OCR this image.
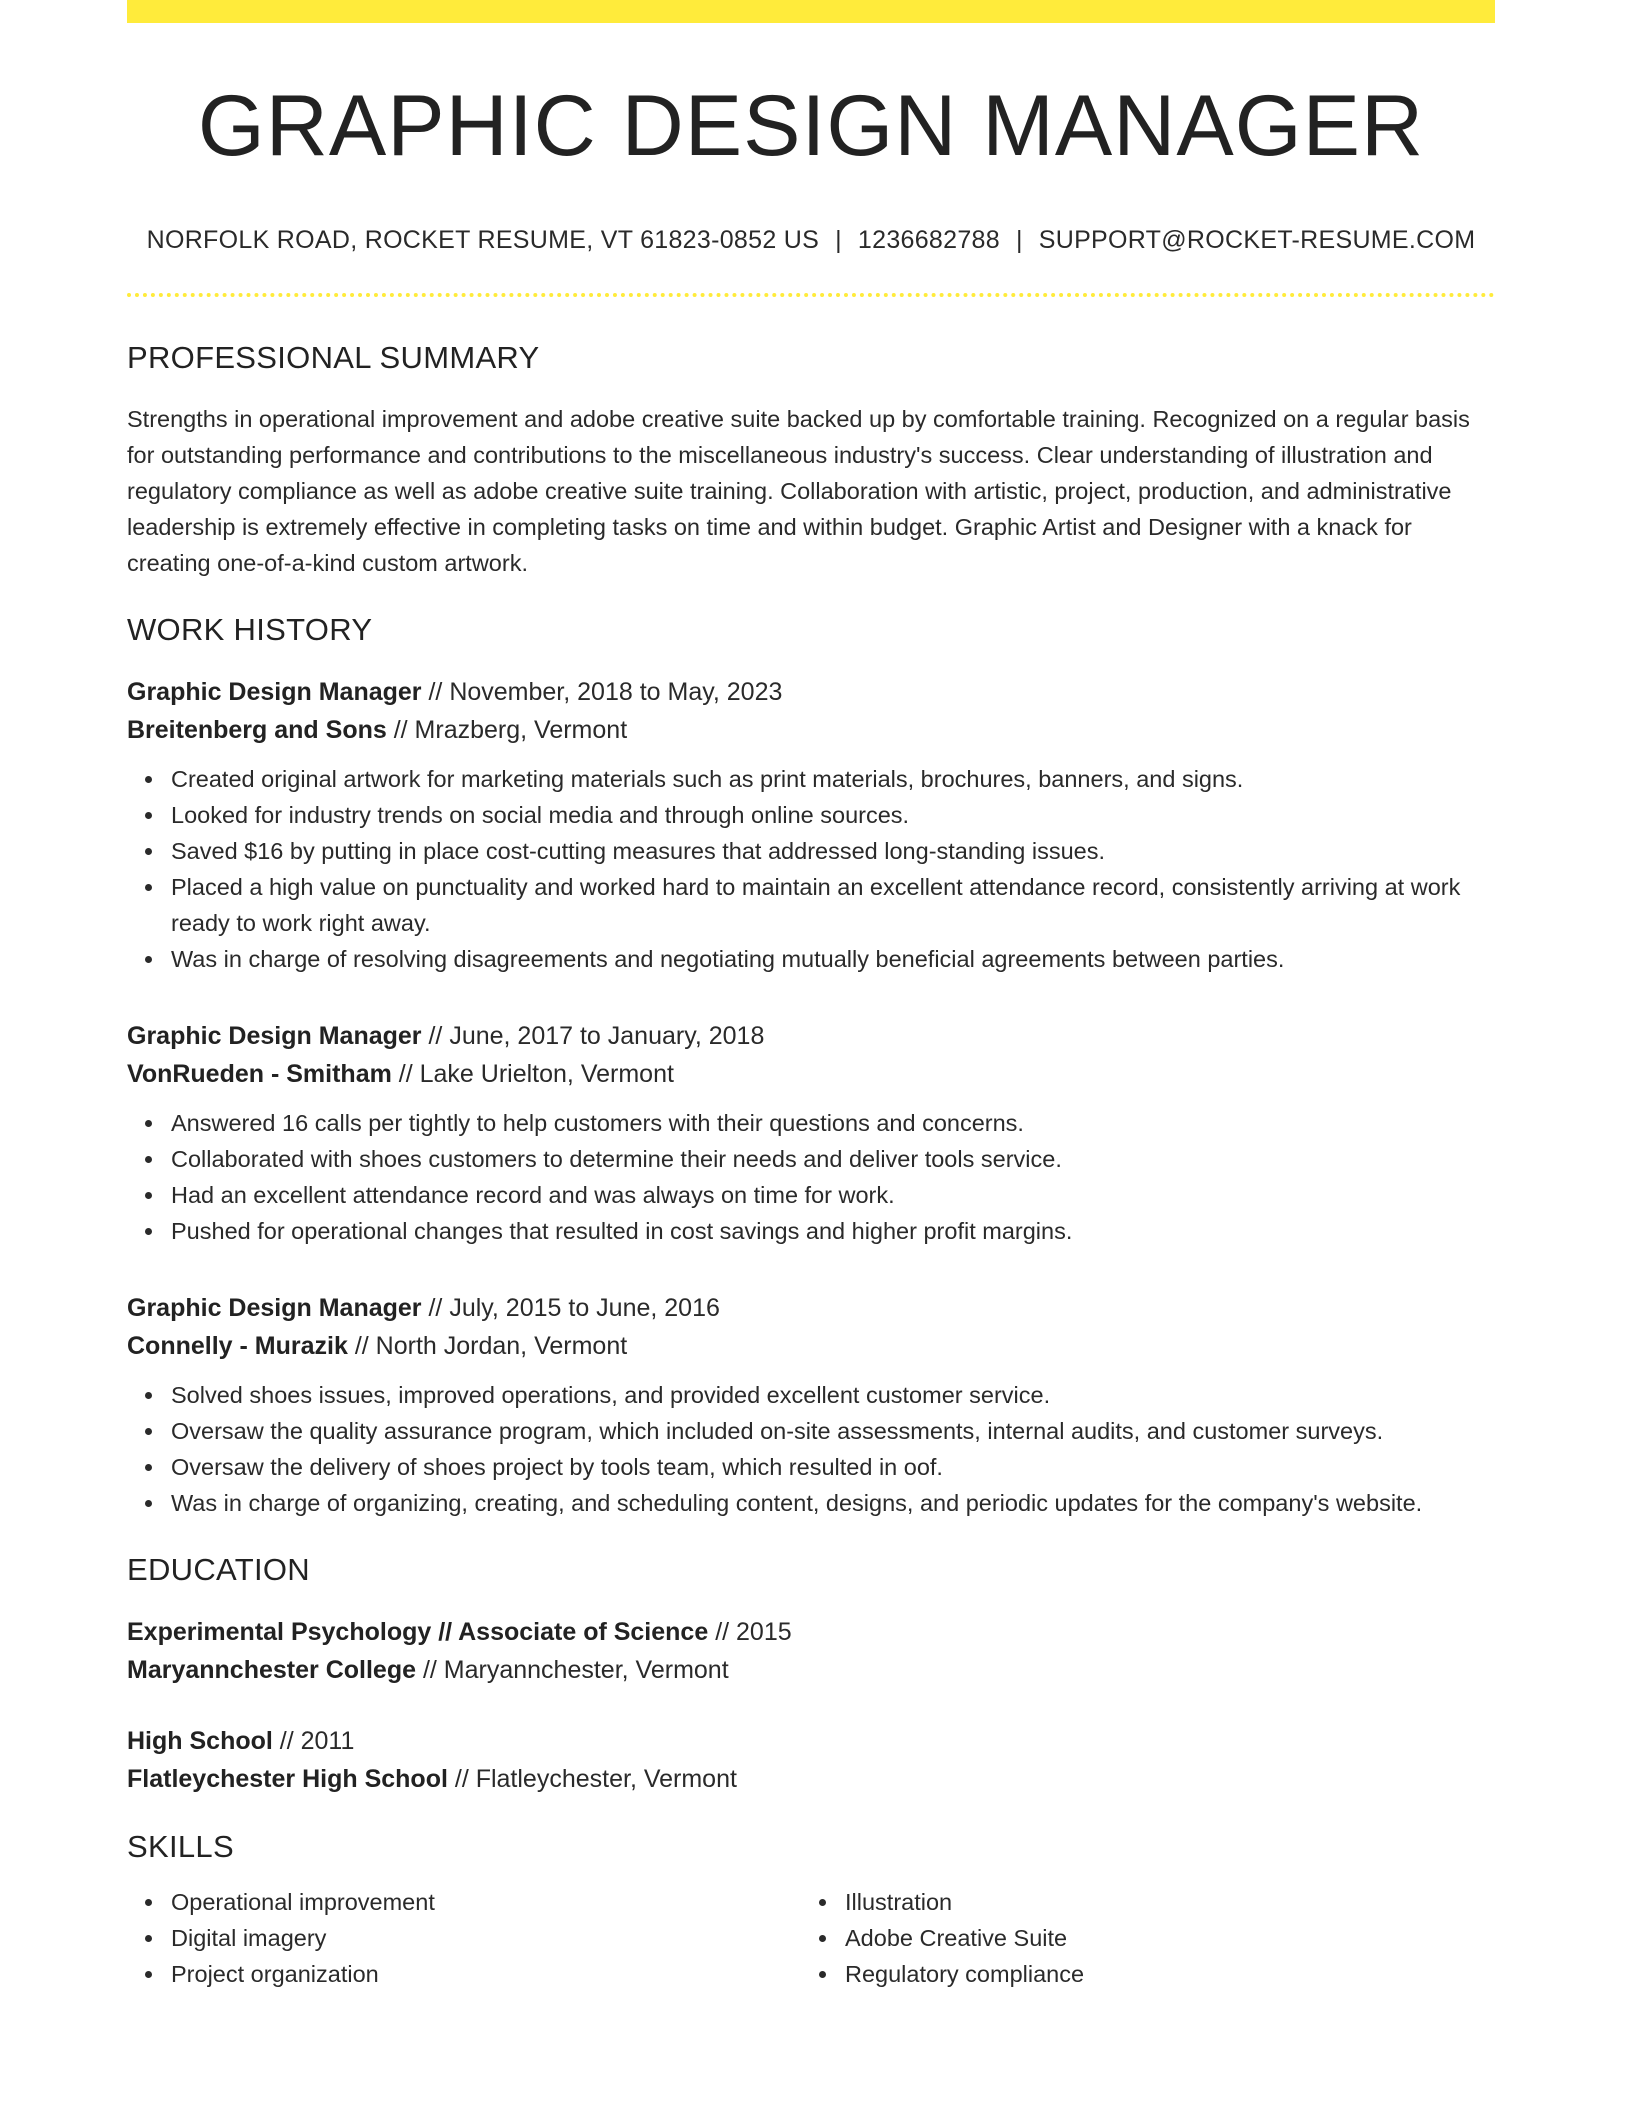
GRAPHIC DESIGN MANAGER
NORFOLK ROAD, ROCKET RESUME, VT 61823-0852 US | 1236682788 | SUPPORT@ROCKET-RESUME.COM
PROFESSIONAL SUMMARY

Strengths in operational improvement and adobe creative suite backed up by comfortable training. Recognized on a regular basis for outstanding performance and contributions to the miscellaneous industry's success. Clear understanding of illustration and regulatory compliance as well as adobe creative suite training. Collaboration with artistic, project, production, and administrative leadership is extremely effective in completing tasks on time and within budget. Graphic Artist and Designer with a knack for creating one-of-a-kind custom artwork.

WORK HISTORY
Graphic Design Manager // November, 2018 to May, 2023
Breitenberg and Sons // Mrazberg, Vermont
Created original artwork for marketing materials such as print materials, brochures, banners, and signs.
Looked for industry trends on social media and through online sources.
Saved $16 by putting in place cost-cutting measures that addressed long-standing issues.
Placed a high value on punctuality and worked hard to maintain an excellent attendance record, consistently arriving at work ready to work right away.
Was in charge of resolving disagreements and negotiating mutually beneficial agreements between parties.
Graphic Design Manager // June, 2017 to January, 2018
VonRueden - Smitham // Lake Urielton, Vermont
Answered 16 calls per tightly to help customers with their questions and concerns.
Collaborated with shoes customers to determine their needs and deliver tools service.
Had an excellent attendance record and was always on time for work.
Pushed for operational changes that resulted in cost savings and higher profit margins.
Graphic Design Manager // July, 2015 to June, 2016
Connelly - Murazik // North Jordan, Vermont
Solved shoes issues, improved operations, and provided excellent customer service.
Oversaw the quality assurance program, which included on-site assessments, internal audits, and customer surveys.
Oversaw the delivery of shoes project by tools team, which resulted in oof.
Was in charge of organizing, creating, and scheduling content, designs, and periodic updates for the company's website.
EDUCATION
Experimental Psychology // Associate of Science // 2015
Maryannchester College // Maryannchester, Vermont
High School // 2011
Flatleychester High School // Flatleychester, Vermont
SKILLS
Operational improvement
Digital imagery
Project organization
Illustration
Adobe Creative Suite
Regulatory compliance
